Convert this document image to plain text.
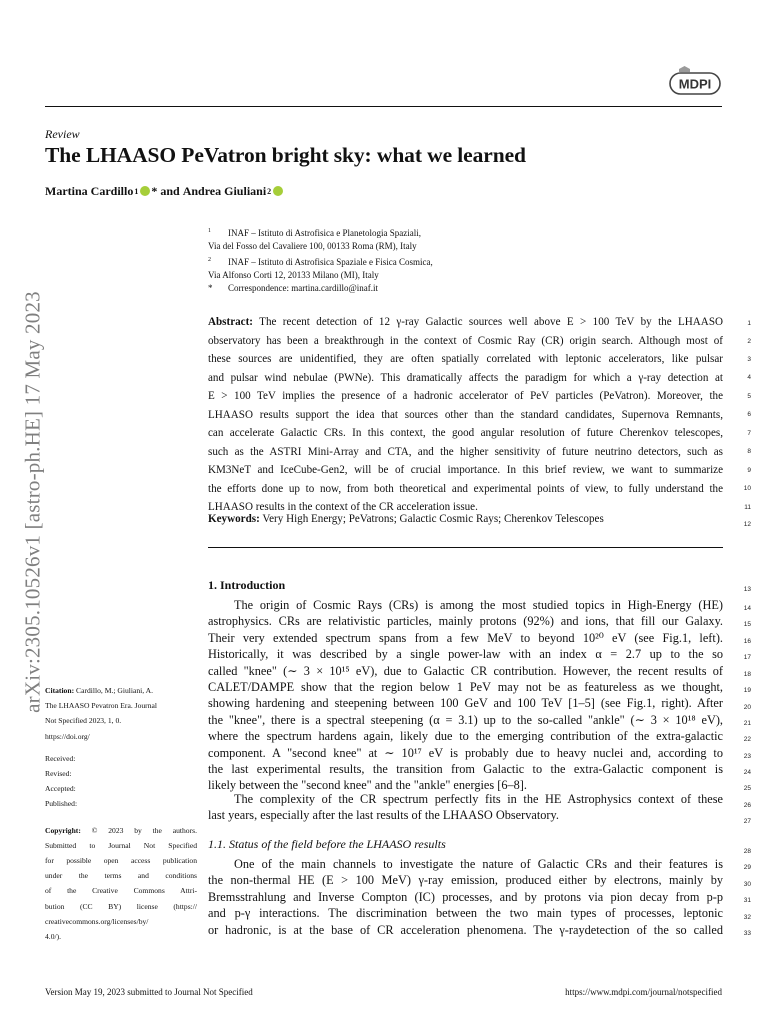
MDPI
Review
The LHAASO PeVatron bright sky: what we learned
Martina Cardillo 1 *
and
Andrea Giuliani 2
arXiv:2305.10526v1 [astro-ph.HE] 17 May 2023
$^1$ INAF – Istituto di Astrofisica e Planetologia Spaziali,
Via del Fosso del Cavaliere 100, 00133 Roma (RM), Italy
$^2$ INAF – Istituto di Astrofisica Spaziale e Fisica Cosmica,
Via Alfonso Corti 12, 20133 Milano (MI), Italy
* Correspondence: martina.cardillo@inaf.it
Abstract: The recent detection of 12 γ-ray Galactic sources well above E > 100 TeV by the LHAASO
observatory has been a breakthrough in the context of Cosmic Ray (CR) origin search. Although most of
these sources are unidentified, they are often spatially correlated with leptonic accelerators, like pulsar
and pulsar wind nebulae (PWNe). This dramatically affects the paradigm for which a γ-ray detection at
E > 100 TeV implies the presence of a hadronic accelerator of PeV particles (PeVatron). Moreover, the
LHAASO results support the idea that sources other than the standard candidates, Supernova Remnants,
can accelerate Galactic CRs. In this context, the good angular resolution of future Cherenkov telescopes,
such as the ASTRI Mini-Array and CTA, and the higher sensitivity of future neutrino detectors, such as
KM3NeT and IceCube-Gen2, will be of crucial importance. In this brief review, we want to summarize
the efforts done up to now, from both theoretical and experimental points of view, to fully understand the
LHAASO results in the context of the CR acceleration issue.
Keywords: Very High Energy; PeVatrons; Galactic Cosmic Rays; Cherenkov Telescopes
1. Introduction
The origin of Cosmic Rays (CRs) is among the most studied topics in High-Energy (HE)
astrophysics. CRs are relativistic particles, mainly protons (92%) and ions, that fill our Galaxy.
Their very extended spectrum spans from a few MeV to beyond 10²⁰ eV (see Fig.1, left).
Historically, it was described by a single power-law with an index α = 2.7 up to the so
called "knee" (∼ 3 × 10¹⁵ eV), due to Galactic CR contribution. However, the recent results of
CALET/DAMPE show that the region below 1 PeV may not be as featureless as we thought,
showing hardening and steepening between 100 GeV and 100 TeV [1–5] (see Fig.1, right). After
the "knee", there is a spectral steepening (α = 3.1) up to the so-called "ankle" (∼ 3 × 10¹⁸ eV),
where the spectrum hardens again, likely due to the emerging contribution of the extra-galactic
component. A "second knee" at ∼ 10¹⁷ eV is probably due to heavy nuclei and, according to
the last experimental results, the transition from Galactic to the extra-Galactic component is
likely between the "second knee" and the "ankle" energies [6–8].
The complexity of the CR spectrum perfectly fits in the HE Astrophysics context of these
last years, especially after the last results of the LHAASO Observatory.
1.1. Status of the field before the LHAASO results
One of the main channels to investigate the nature of Galactic CRs and their features is
the non-thermal HE (E > 100 MeV) γ-ray emission, produced either by electrons, mainly by
Bremsstrahlung and Inverse Compton (IC) processes, and by protons via pion decay from p-p
and p-γ interactions. The discrimination between the two main types of processes, leptonic
or hadronic, is at the base of CR acceleration phenomena. The γ-raydetection of the so called
Citation: Cardillo, M.; Giuliani, A.
The LHAASO Pevatron Era. Journal
Not Specified 2023, 1, 0.
https://doi.org/
Received:
Revised:
Accepted:
Published:
Copyright: © 2023 by the authors.
Submitted to Journal Not Specified
for possible open access publication
under the terms and conditions
of the Creative Commons Attri-
bution (CC BY) license (https://
creativecommons.org/licenses/by/
4.0/).
1
2
3
4
5
6
7
8
9
10
11
12
13
14
15
16
17
18
19
20
21
22
23
24
25
26
27
28
29
30
31
32
33
Version May 19, 2023 submitted to Journal Not Specified	https://www.mdpi.com/journal/notspecified
